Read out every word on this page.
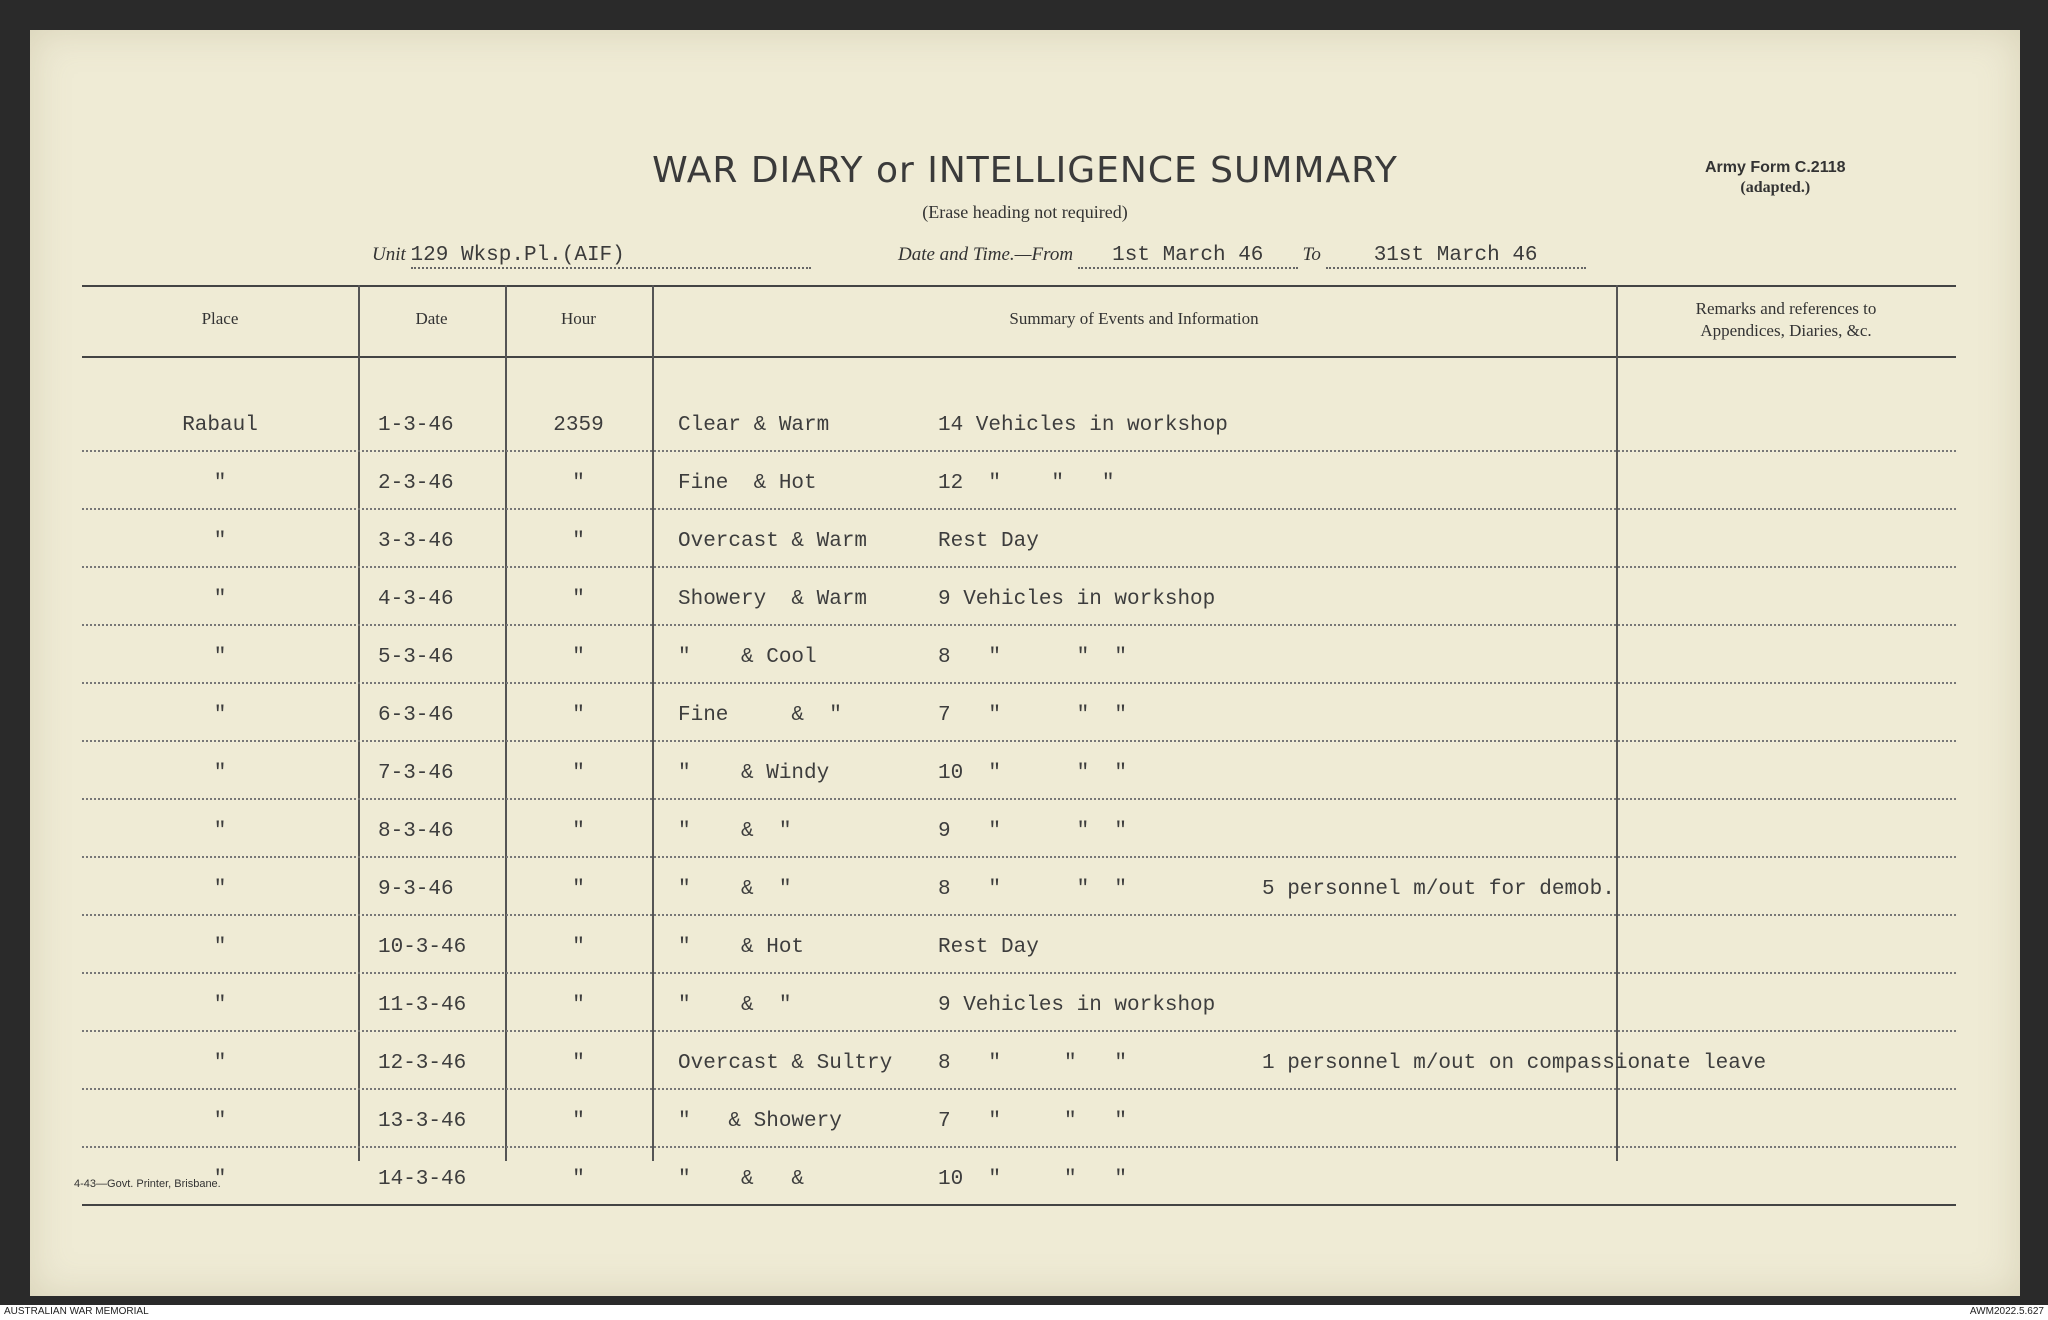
WAR DIARY or INTELLIGENCE SUMMARY
(Erase heading not required)
Army Form C.2118
(adapted.)
Unit 129 Wksp.Pl.(AIF)	Date and Time.—From 1st March 46 To	31st March 46
Place	Date	Hour	Summary of Events and Information
Remarks and references to
Appendices, Diaries, &c.
Rabaul	1-3-46	2359	Clear & Warm	14 Vehicles in workshop
"	2-3-46	"	Fine  & Hot	12  "    "   "
"	3-3-46	"	Overcast & Warm	Rest Day
"	4-3-46	"	Showery  & Warm	9 Vehicles in workshop
"	5-3-46	"	"    & Cool	8   "      "  "
"	6-3-46	"	Fine     &  "	7   "      "  "
"	7-3-46	"	"    & Windy	10  "      "  "
"	8-3-46	"	"    &  "	9   "      "  "
"	9-3-46	"	"    &  "	8   "      "  "	5 personnel m/out for demob.
"	10-3-46	"	"    & Hot	Rest Day
"	11-3-46	"	"    &  "	9 Vehicles in workshop
"	12-3-46	"	Overcast & Sultry	8   "     "   "	1 personnel m/out on compassionate leave
"	13-3-46	"	"   & Showery	7   "     "   "
"	14-3-46	"	"    &   &	10  "     "   "
4-43—Govt. Printer, Brisbane.
AUSTRALIAN WAR MEMORIAL	AWM2022.5.627
